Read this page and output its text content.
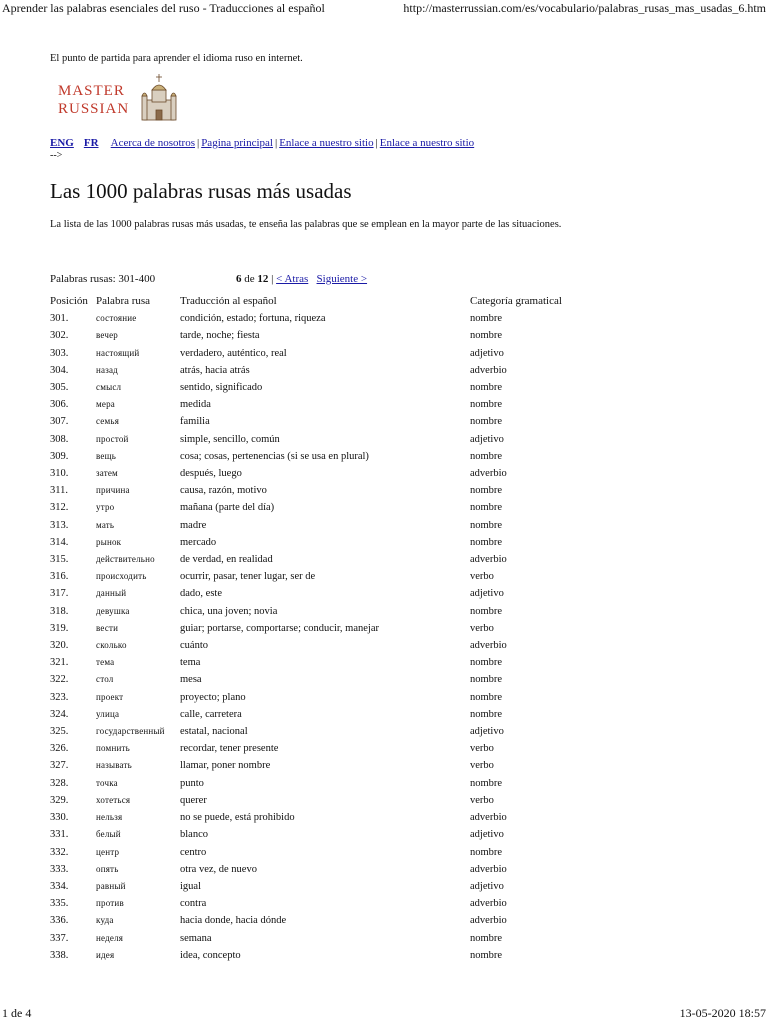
Aprender las palabras esenciales del ruso - Traducciones al español	http://masterrussian.com/es/vocabulario/palabras_rusas_mas_usadas_6.htm

El punto de partida para aprender el idioma ruso en internet.

MASTER
RUSSIAN
ENG FR Acerca de nosotros | Pagina principal | Enlace a nuestro sitio | Enlace a nuestro sitio

-->

Las 1000 palabras rusas más usadas

La lista de las 1000 palabras rusas más usadas, te enseña las palabras que se emplean en la mayor parte de las situaciones.

Palabras rusas: 301-400	6 de 12 | < Atras Siguiente >
Posición	Palabra rusa	Traducción al español	Categoría gramatical
301.	состояние	condición, estado; fortuna, riqueza	nombre
302.	вечер	tarde, noche; fiesta	nombre
303.	настоящий	verdadero, auténtico, real	adjetivo
304.	назад	atrás, hacia atrás	adverbio
305.	смысл	sentido, significado	nombre
306.	мера	medida	nombre
307.	семья	familia	nombre
308.	простой	simple, sencillo, común	adjetivo
309.	вещь	cosa; cosas, pertenencias (si se usa en plural)	nombre
310.	затем	después, luego	adverbio
311.	причина	causa, razón, motivo	nombre
312.	утро	mañana (parte del día)	nombre
313.	мать	madre	nombre
314.	рынок	mercado	nombre
315.	действительно	de verdad, en realidad	adverbio
316.	происходить	ocurrir, pasar, tener lugar, ser de	verbo
317.	данный	dado, este	adjetivo
318.	девушка	chica, una joven; novia	nombre
319.	вести	guiar; portarse, comportarse; conducir, manejar	verbo
320.	сколько	cuánto	adverbio
321.	тема	tema	nombre
322.	стол	mesa	nombre
323.	проект	proyecto; plano	nombre
324.	улица	calle, carretera	nombre
325.	государственный	estatal, nacional	adjetivo
326.	помнить	recordar, tener presente	verbo
327.	называть	llamar, poner nombre	verbo
328.	точка	punto	nombre
329.	хотеться	querer	verbo
330.	нельзя	no se puede, está prohibido	adverbio
331.	белый	blanco	adjetivo
332.	центр	centro	nombre
333.	опять	otra vez, de nuevo	adverbio
334.	равный	igual	adjetivo
335.	против	contra	adverbio
336.	куда	hacia donde, hacia dónde	adverbio
337.	неделя	semana	nombre
338.	идея	idea, concepto	nombre
1 de 4	13-05-2020 18:57
